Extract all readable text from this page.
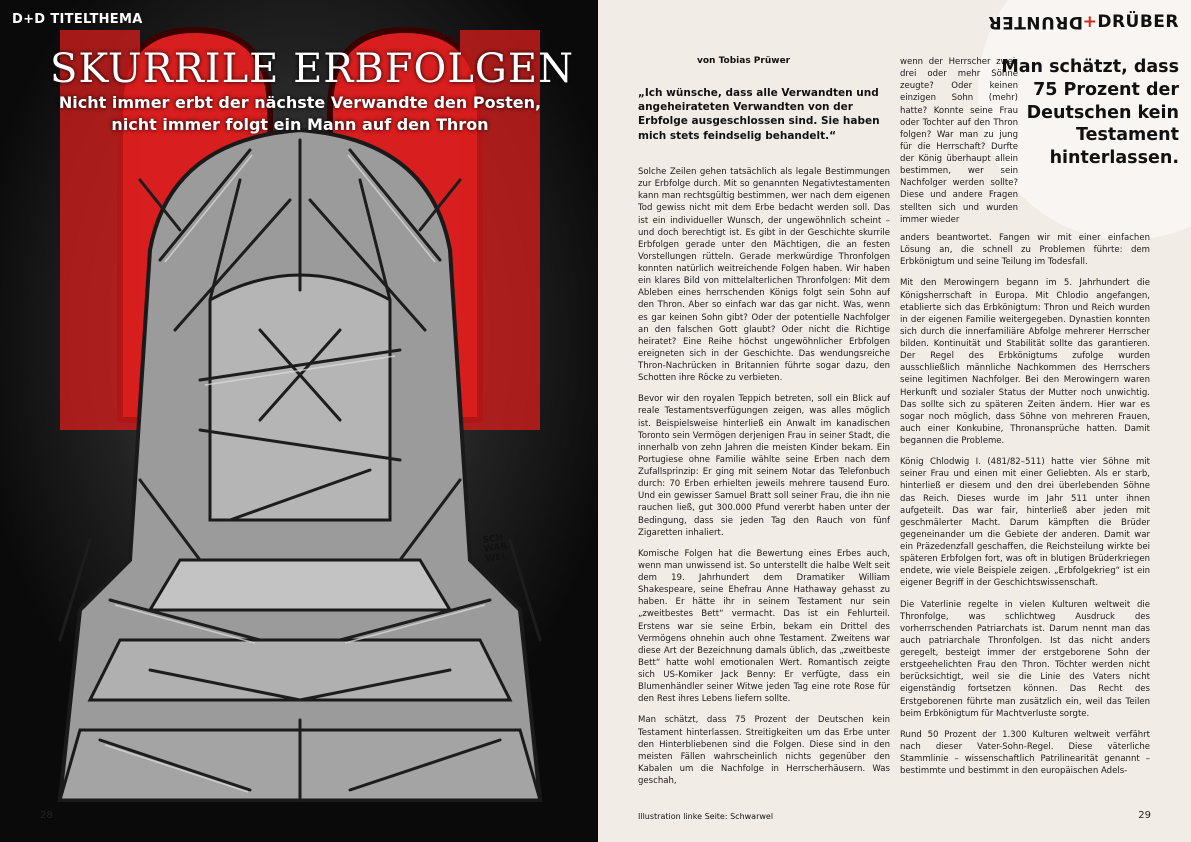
D+D TITELTHEMA
SKURRILE ERBFOLGEN
Nicht immer erbt der nächste Verwandte den Posten, nicht immer folgt ein Mann auf den Thron
SCH WAR WEL
28
DRUNTER+DRÜBER
von Tobias Prüwer
„Ich wünsche, dass alle Verwandten und angeheirateten Verwandten von der Erbfolge ausgeschlossen sind. Sie haben mich stets feindselig behandelt.“

Solche Zeilen gehen tatsächlich als legale Bestimmungen zur Erbfolge durch. Mit so genannten Negativtestamenten kann man rechtsgültig bestimmen, wer nach dem eigenen Tod gewiss nicht mit dem Erbe bedacht werden soll. Das ist ein individueller Wunsch, der ungewöhnlich scheint – und doch berechtigt ist. Es gibt in der Geschichte skurrile Erbfolgen gerade unter den Mächtigen, die an festen Vorstellungen rütteln. Gerade merkwürdige Thronfolgen konnten natürlich weitreichende Folgen haben. Wir haben ein klares Bild von mittelalterlichen Thronfolgen: Mit dem Ableben eines herrschenden Königs folgt sein Sohn auf den Thron. Aber so einfach war das gar nicht. Was, wenn es gar keinen Sohn gibt? Oder der potentielle Nachfolger an den falschen Gott glaubt? Oder nicht die Richtige heiratet? Eine Reihe höchst ungewöhnlicher Erbfolgen ereigneten sich in der Geschichte. Das wendungsreiche Thron-Nachrücken in Britannien führte sogar dazu, den Schotten ihre Röcke zu verbieten.

Bevor wir den royalen Teppich betreten, soll ein Blick auf reale Testamentsverfügungen zeigen, was alles möglich ist. Beispielsweise hinterließ ein Anwalt im kanadischen Toronto sein Vermögen derjenigen Frau in seiner Stadt, die innerhalb von zehn Jahren die meisten Kinder bekam. Ein Portugiese ohne Familie wählte seine Erben nach dem Zufallsprinzip: Er ging mit seinem Notar das Telefonbuch durch: 70 Erben erhielten jeweils mehrere tausend Euro. Und ein gewisser Samuel Bratt soll seiner Frau, die ihn nie rauchen ließ, gut 300.000 Pfund vererbt haben unter der Bedingung, dass sie jeden Tag den Rauch von fünf Zigaretten inhaliert.

Komische Folgen hat die Bewertung eines Erbes auch, wenn man unwissend ist. So unterstellt die halbe Welt seit dem 19. Jahrhundert dem Dramatiker William Shakespeare, seine Ehefrau Anne Hathaway gehasst zu haben. Er hätte ihr in seinem Testament nur sein „zweitbestes Bett“ vermacht. Das ist ein Fehlurteil. Erstens war sie seine Erbin, bekam ein Drittel des Vermögens ohnehin auch ohne Testament. Zweitens war diese Art der Bezeichnung damals üblich, das „zweitbeste Bett“ hatte wohl emotionalen Wert. Romantisch zeigte sich US-Komiker Jack Benny: Er verfügte, dass ein Blumenhändler seiner Witwe jeden Tag eine rote Rose für den Rest ihres Lebens liefern sollte.

Man schätzt, dass 75 Prozent der Deutschen kein Testament hinterlassen. Streitigkeiten um das Erbe unter den Hinterbliebenen sind die Folgen. Diese sind in den meisten Fällen wahrscheinlich nichts gegenüber den Kabalen um die Nachfolge in Herrscherhäusern. Was geschah,

wenn der Herrscher zwei, drei oder mehr Söhne zeugte? Oder keinen einzigen Sohn (mehr) hatte? Konnte seine Frau oder Tochter auf den Thron folgen? War man zu jung für die Herrschaft? Durfte der König überhaupt allein bestimmen, wer sein Nachfolger werden sollte? Diese und andere Fragen stellten sich und wurden immer wieder

Man schätzt, dass 75 Prozent der Deutschen kein Testament hinterlassen.

anders beantwortet. Fangen wir mit einer einfachen Lösung an, die schnell zu Problemen führte: dem Erbkönigtum und seine Teilung im Todesfall.

Mit den Merowingern begann im 5. Jahrhundert die Königsherrschaft in Europa. Mit Chlodio angefangen, etablierte sich das Erbkönigtum: Thron und Reich wurden in der eigenen Familie weitergegeben. Dynastien konnten sich durch die innerfamiliäre Abfolge mehrerer Herrscher bilden. Kontinuität und Stabilität sollte das garantieren. Der Regel des Erbkönigtums zufolge wurden ausschließlich männliche Nachkommen des Herrschers seine legitimen Nachfolger. Bei den Merowingern waren Herkunft und sozialer Status der Mutter noch unwichtig. Das sollte sich zu späteren Zeiten ändern. Hier war es sogar noch möglich, dass Söhne von mehreren Frauen, auch einer Konkubine, Thronansprüche hatten. Damit begannen die Probleme.

König Chlodwig I. (481/82–511) hatte vier Söhne mit seiner Frau und einen mit einer Geliebten. Als er starb, hinterließ er diesem und den drei überlebenden Söhne das Reich. Dieses wurde im Jahr 511 unter ihnen aufgeteilt. Das war fair, hinterließ aber jeden mit geschmälerter Macht. Darum kämpften die Brüder gegeneinander um die Gebiete der anderen. Damit war ein Präzedenzfall geschaffen, die Reichsteilung wirkte bei späteren Erbfolgen fort, was oft in blutigen Brüderkriegen endete, wie viele Beispiele zeigen. „Erbfolgekrieg“ ist ein eigener Begriff in der Geschichtswissenschaft.

Die Vaterlinie regelte in vielen Kulturen weltweit die Thronfolge, was schlichtweg Ausdruck des vorherrschenden Patriarchats ist. Darum nennt man das auch patriarchale Thronfolgen. Ist das nicht anders geregelt, besteigt immer der erstgeborene Sohn der erstgeehelichten Frau den Thron. Töchter werden nicht berücksichtigt, weil sie die Linie des Vaters nicht eigenständig fortsetzen können. Das Recht des Erstgeborenen führte man zusätzlich ein, weil das Teilen beim Erbkönigtum für Machtverluste sorgte.

Rund 50 Prozent der 1.300 Kulturen weltweit verfährt nach dieser Vater-Sohn-Regel. Diese väterliche Stammlinie – wissenschaftlich Patrilinearität genannt – bestimmte und bestimmt in den europäischen Adels-

Illustration linke Seite: Schwarwel	29
